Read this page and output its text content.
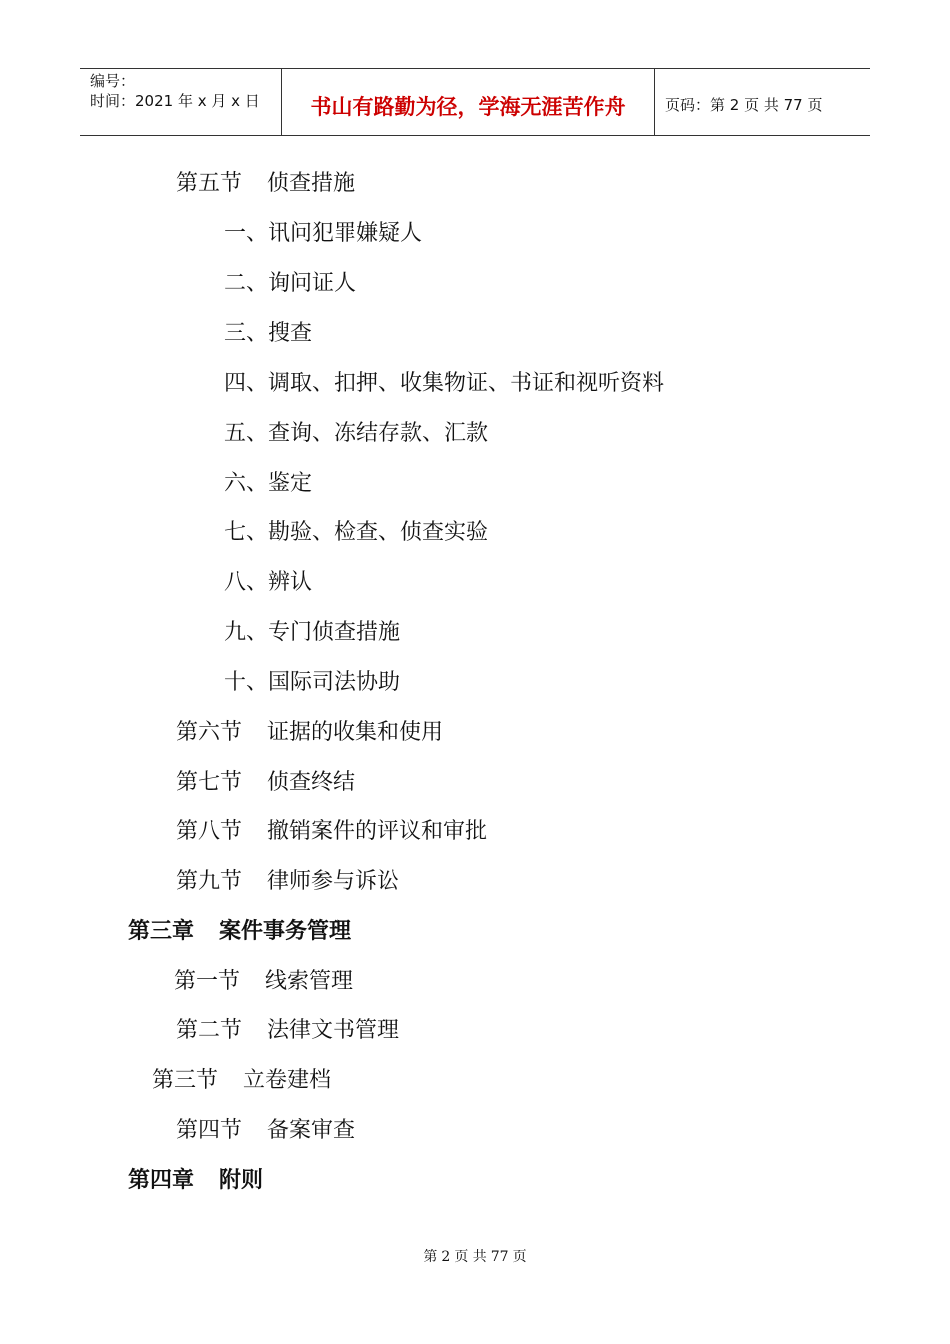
编号：
时间：2021 年 x 月 x 日	书山有路勤为径，学海无涯苦作舟	页码：第 2 页 共 77 页
第五节 侦查措施
一、讯问犯罪嫌疑人
二、询问证人
三、搜查
四、调取、扣押、收集物证、书证和视听资料
五、查询、冻结存款、汇款
六、鉴定
七、勘验、检查、侦查实验
八、辨认
九、专门侦查措施
十、国际司法协助
第六节 证据的收集和使用
第七节 侦查终结
第八节 撤销案件的评议和审批
第九节 律师参与诉讼
第三章 案件事务管理
第一节 线索管理
第二节 法律文书管理
第三节 立卷建档
第四节 备案审查
第四章 附则
第 2 页 共 77 页
